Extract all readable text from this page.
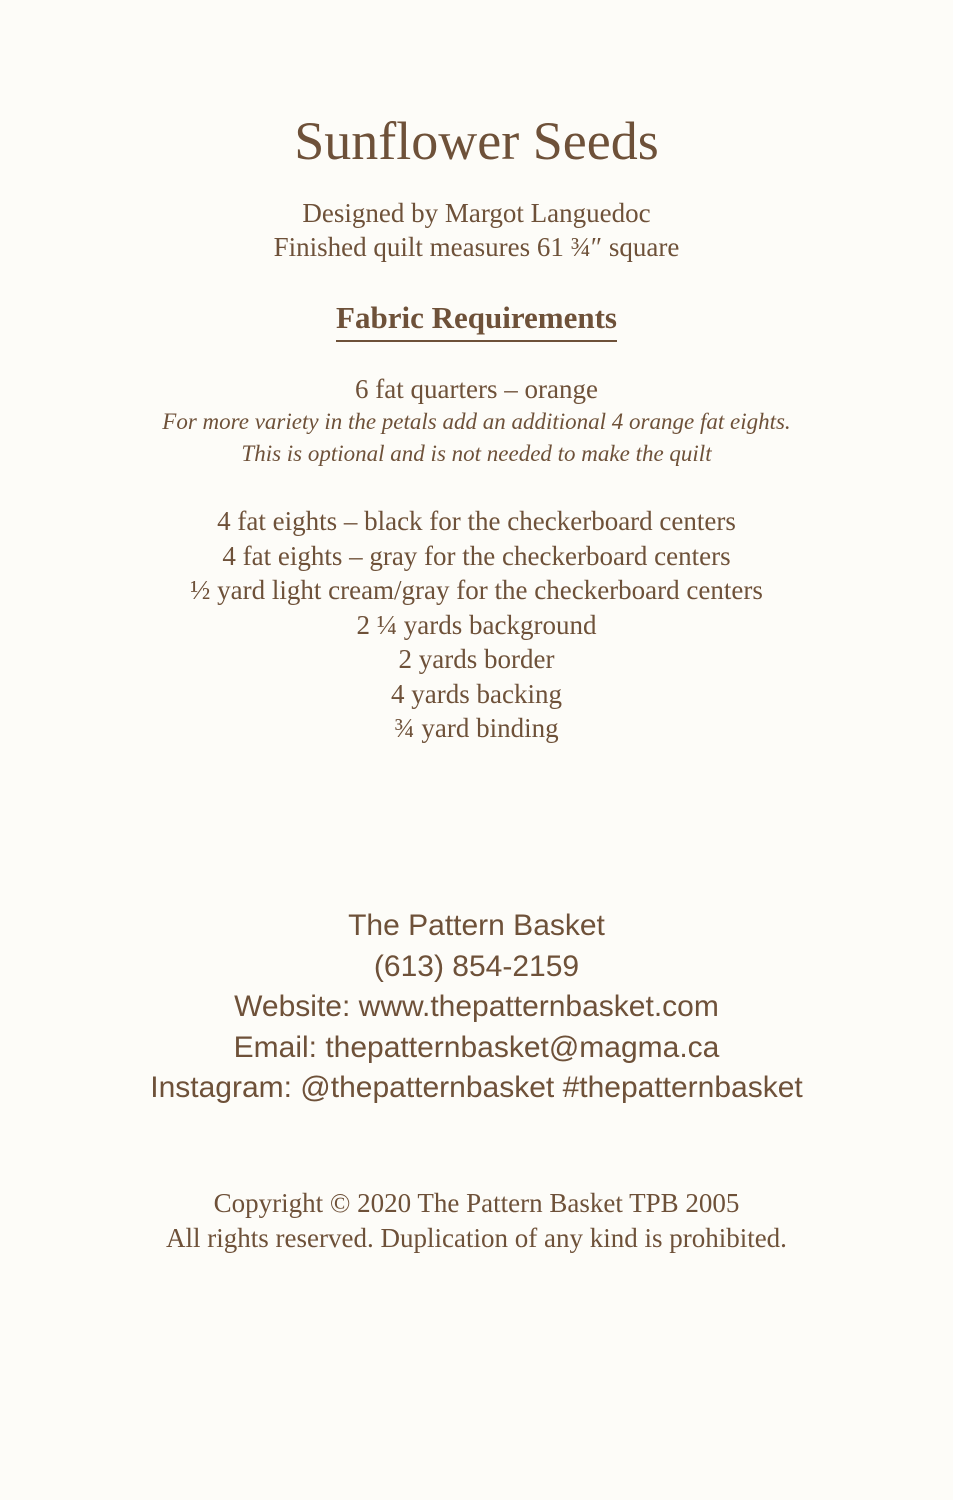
Sunflower Seeds
Designed by Margot Languedoc
Finished quilt measures 61 ¾″ square
Fabric Requirements
6 fat quarters – orange
For more variety in the petals add an additional 4 orange fat eights.
This is optional and is not needed to make the quilt
4 fat eights – black for the checkerboard centers
4 fat eights – gray for the checkerboard centers
½ yard light cream/gray for the checkerboard centers
2 ¼ yards background
2 yards border
4 yards backing
¾ yard binding
The Pattern Basket
(613) 854-2159
Website: www.thepatternbasket.com
Email: thepatternbasket@magma.ca
Instagram: @thepatternbasket #thepatternbasket
Copyright © 2020 The Pattern Basket TPB 2005
All rights reserved. Duplication of any kind is prohibited.
